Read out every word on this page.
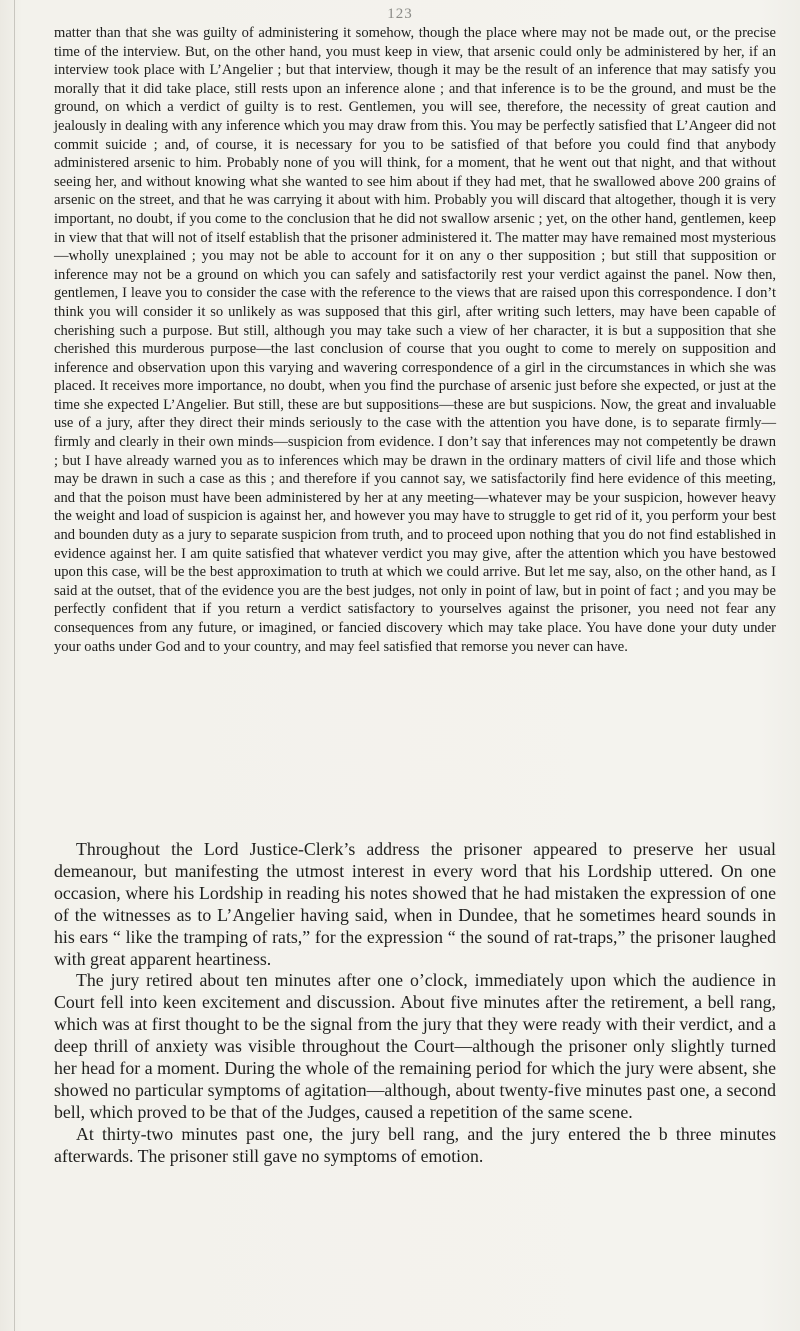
123

matter than that she was guilty of administering it somehow, though the place where may not be made out, or the precise time of the interview. But, on the other hand, you must keep in view, that arsenic could only be administered by her, if an interview took place with L’Angelier ; but that interview, though it may be the result of an inference that may satisfy you morally that it did take place, still rests upon an inference alone ; and that inference is to be the ground, and must be the ground, on which a verdict of guilty is to rest. Gentlemen, you will see, therefore, the necessity of great caution and jealously in dealing with any inference which you may draw from this. You may be perfectly satisfied that L’Angeer did not commit suicide ; and, of course, it is necessary for you to be satisfied of that before you could find that anybody administered arsenic to him. Probably none of you will think, for a moment, that he went out that night, and that without seeing her, and without knowing what she wanted to see him about if they had met, that he swallowed above 200 grains of arsenic on the street, and that he was carrying it about with him. Probably you will discard that altogether, though it is very important, no doubt, if you come to the conclusion that he did not swallow arsenic ; yet, on the other hand, gentlemen, keep in view that that will not of itself establish that the prisoner administered it. The matter may have remained most mysterious—wholly unexplained ; you may not be able to account for it on any o ther supposition ; but still that supposition or inference may not be a ground on which you can safely and satisfactorily rest your verdict against the panel. Now then, gentlemen, I leave you to consider the case with the reference to the views that are raised upon this correspondence. I don’t think you will consider it so unlikely as was supposed that this girl, after writing such letters, may have been capable of cherishing such a purpose. But still, although you may take such a view of her character, it is but a supposition that she cherished this murderous purpose—the last conclusion of course that you ought to come to merely on supposition and inference and observation upon this varying and wavering correspondence of a girl in the circumstances in which she was placed. It receives more importance, no doubt, when you find the purchase of arsenic just before she expected, or just at the time she expected L’Angelier. But still, these are but suppositions—these are but suspicions. Now, the great and invaluable use of a jury, after they direct their minds seriously to the case with the attention you have done, is to separate firmly—firmly and clearly in their own minds—suspicion from evidence. I don’t say that inferences may not competently be drawn ; but I have already warned you as to inferences which may be drawn in the ordinary matters of civil life and those which may be drawn in such a case as this ; and therefore if you cannot say, we satisfactorily find here evidence of this meeting, and that the poison must have been administered by her at any meeting—whatever may be your suspicion, however heavy the weight and load of suspicion is against her, and however you may have to struggle to get rid of it, you perform your best and bounden duty as a jury to separate suspicion from truth, and to proceed upon nothing that you do not find established in evidence against her. I am quite satisfied that whatever verdict you may give, after the attention which you have bestowed upon this case, will be the best approximation to truth at which we could arrive. But let me say, also, on the other hand, as I said at the outset, that of the evidence you are the best judges, not only in point of law, but in point of fact ; and you may be perfectly confident that if you return a verdict satisfactory to yourselves against the prisoner, you need not fear any consequences from any future, or imagined, or fancied discovery which may take place. You have done your duty under your oaths under God and to your country, and may feel satisfied that remorse you never can have.

Throughout the Lord Justice-Clerk’s address the prisoner appeared to preserve her usual demeanour, but manifesting the utmost interest in every word that his Lordship uttered. On one occasion, where his Lordship in reading his notes showed that he had mistaken the expression of one of the witnesses as to L’Angelier having said, when in Dundee, that he sometimes heard sounds in his ears “ like the tramping of rats,” for the expression “ the sound of rat-traps,” the prisoner laughed with great apparent heartiness.

The jury retired about ten minutes after one o’clock, immediately upon which the audience in Court fell into keen excitement and discussion. About five minutes after the retirement, a bell rang, which was at first thought to be the signal from the jury that they were ready with their verdict, and a deep thrill of anxiety was visible throughout the Court—although the prisoner only slightly turned her head for a moment. During the whole of the remaining period for which the jury were absent, she showed no particular symptoms of agitation—although, about twenty-five minutes past one, a second bell, which proved to be that of the Judges, caused a repetition of the same scene.

At thirty-two minutes past one, the jury bell rang, and the jury entered the b three minutes afterwards. The prisoner still gave no symptoms of emotion.
